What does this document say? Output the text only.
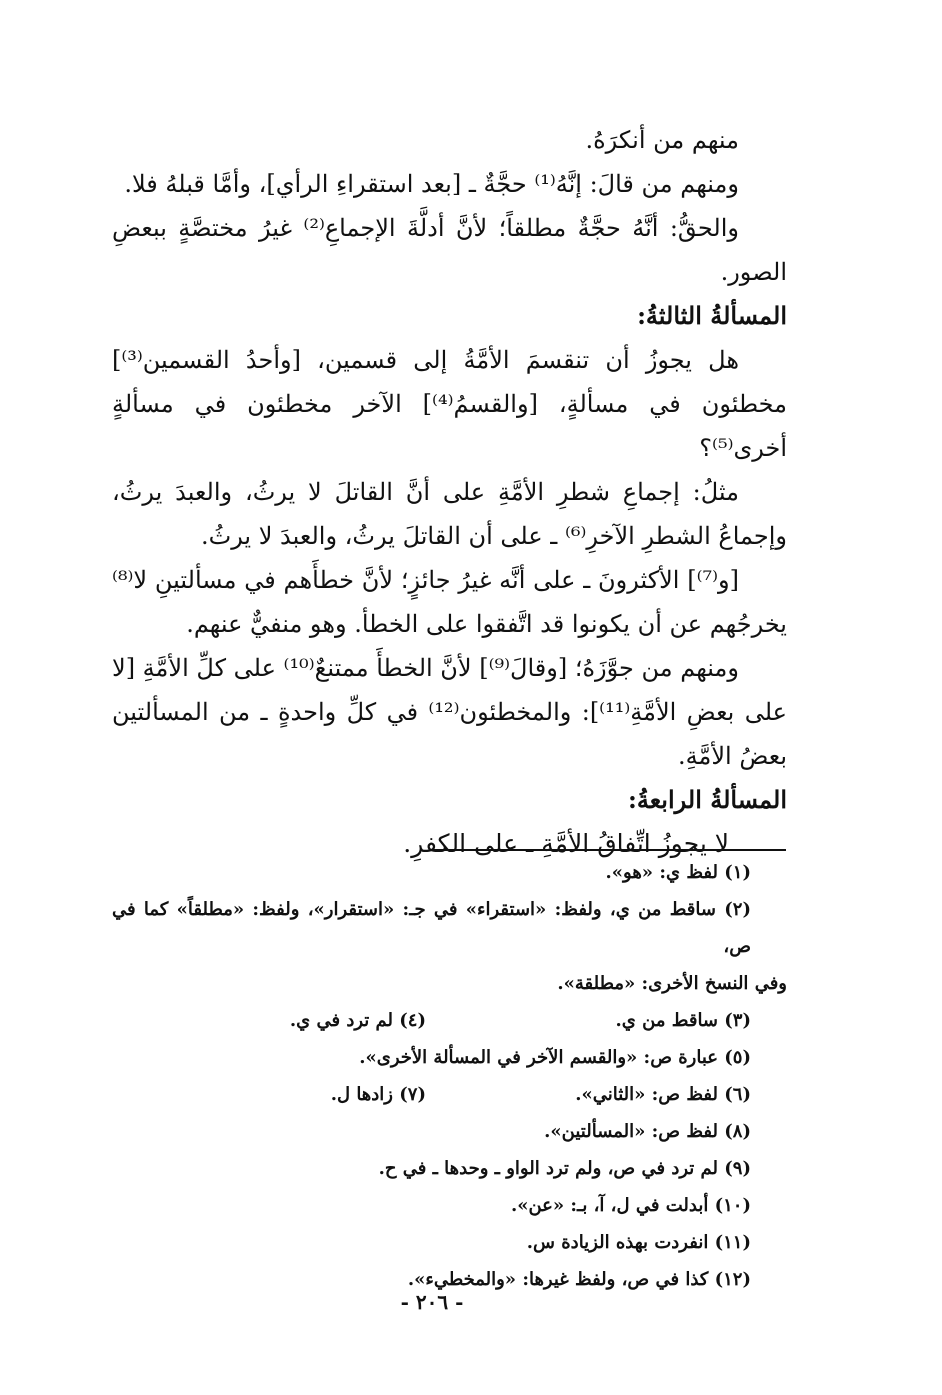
منهم من أنكرَهُ.

ومنهم من قالَ: إنَّهُ⁽¹⁾ حجَّةٌ ـ [بعد استقراءِ الرأي]، وأمَّا قبلهُ فلا.

والحقُّ: أنَّهُ حجَّةٌ مطلقاً؛ لأنَّ أدلَّةَ الإجماعِ⁽²⁾ غيرُ مختصَّةٍ ببعضِ الصور.

المسألةُ الثالثةُ:

هل يجوزُ أن تنقسمَ الأمَّةُ إلى قسمين، [وأحدُ القسمين⁽³⁾] مخطئون في مسألةٍ، [والقسمُ⁽⁴⁾] الآخر مخطئون في مسألةٍ أخرى⁽⁵⁾؟

مثلُ: إجماعِ شطرِ الأمَّةِ على أنَّ القاتلَ لا يرثُ، والعبدَ يرثُ، وإجماعُ الشطرِ الآخرِ⁽⁶⁾ ـ على أن القاتلَ يرثُ، والعبدَ لا يرثُ.

[و⁽⁷⁾] الأكثرونَ ـ على أنَّه غيرُ جائزٍ؛ لأنَّ خطأَهم في مسألتينِ لا⁽⁸⁾ يخرجُهم عن أن يكونوا قد اتَّفقوا على الخطأ. وهو منفيٌّ عنهم.

ومنهم من جوَّزَهُ؛ [وقالَ⁽⁹⁾] لأنَّ الخطأَ ممتنعٌ⁽¹⁰⁾ على كلِّ الأمَّةِ [لا على بعضِ الأمَّةِ⁽¹¹⁾]: والمخطئون⁽¹²⁾ في كلِّ واحدةٍ ـ من المسألتين بعضُ الأمَّةِ.

المسألةُ الرابعةُ:

لا يجوزُ اتِّفاقُ الأمَّةِ ـ على الكفرِ.

(١) لفظ ي: «هو».

(٢) ساقط من ي، ولفظ: «استقراء» في جـ: «استقرار»، ولفظ: «مطلقاً» كما في ص،

وفي النسخ الأخرى: «مطلقة».

(٣) ساقط من ي.
(٤) لم ترد في ي.

(٥) عبارة ص: «والقسم الآخر في المسألة الأخرى».

(٦) لفظ ص: «الثاني».
(٧) زادها ل.

(٨) لفظ ص: «المسألتين».

(٩) لم ترد في ص، ولم ترد الواو ـ وحدها ـ في ح.

(١٠) أبدلت في ل، آ، بـ: «عن».

(١١) انفردت بهذه الزيادة س.

(١٢) كذا في ص، ولفظ غيرها: «والمخطيء».

- ٢٠٦ -
